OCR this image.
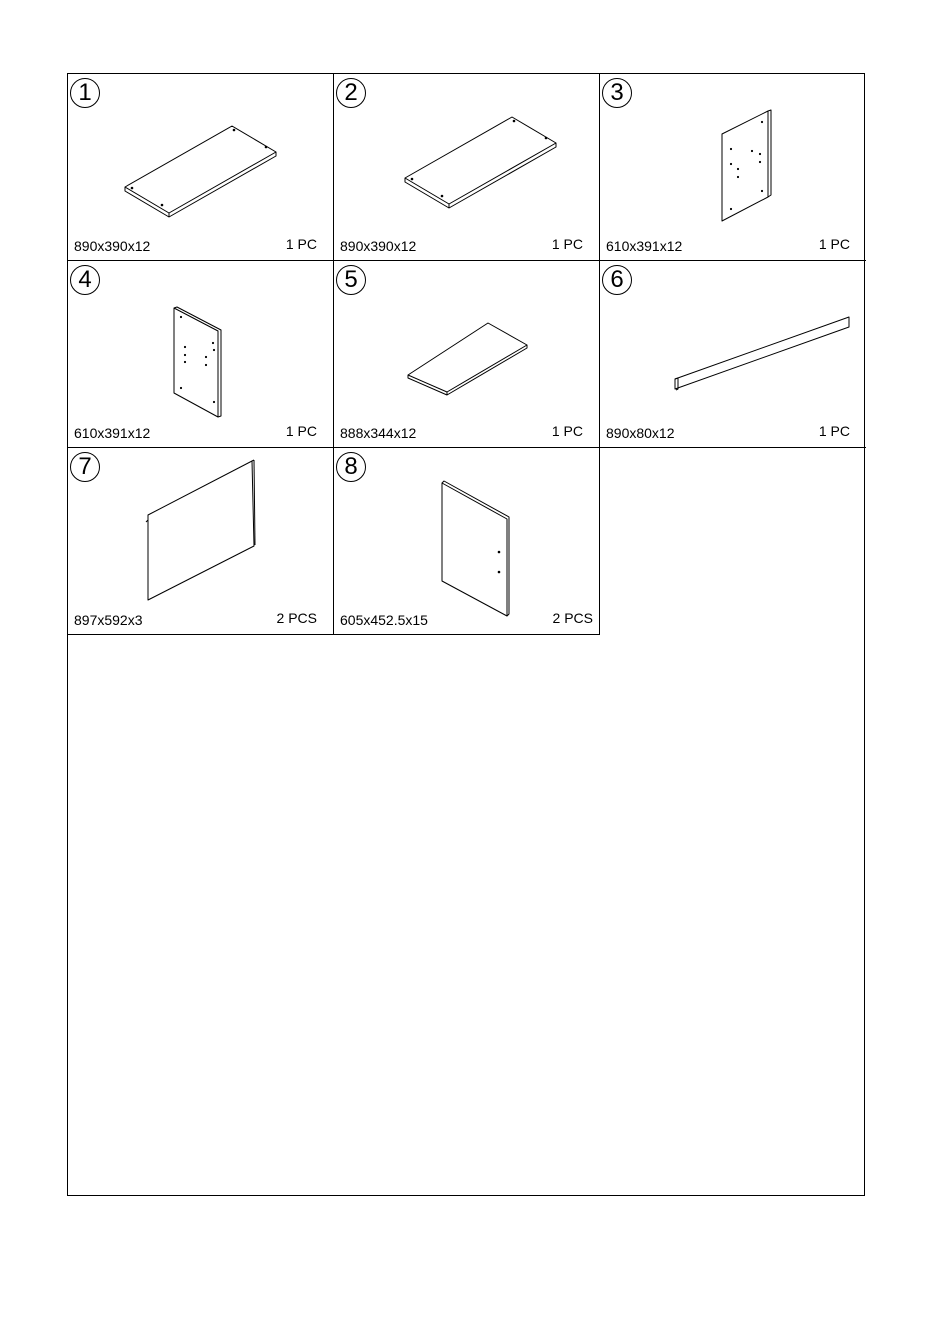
1
890x390x12	1 PC
2
890x390x12	1 PC
3
610x391x12	1 PC
4
610x391x12	1 PC
5
888x344x12	1 PC
6
890x80x12	1 PC
7
897x592x3	2 PCS
8
605x452.5x15	2 PCS
